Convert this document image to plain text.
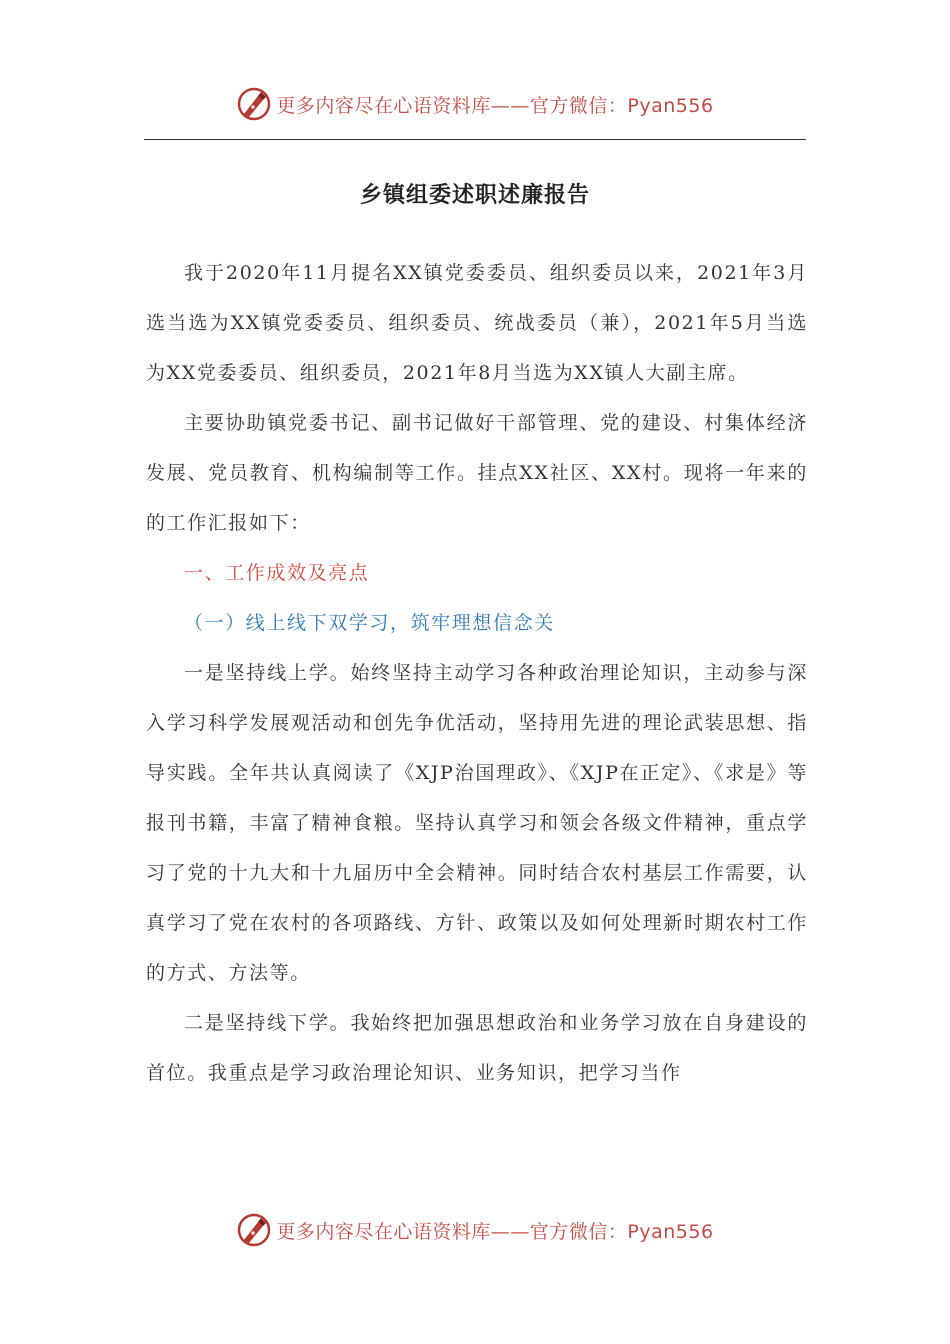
更多内容尽在心语资料库——官方微信：Pyan556
乡镇组委述职述廉报告

我于2020年11月提名XX镇党委委员、组织委员以来，2021年3月选当选为XX镇党委委员、组织委员、统战委员（兼），2021年5月当选为XX党委委员、组织委员，2021年8月当选为XX镇人大副主席。

主要协助镇党委书记、副书记做好干部管理、党的建设、村集体经济发展、党员教育、机构编制等工作。挂点XX社区、XX村。现将一年来的的工作汇报如下：

一、工作成效及亮点

（一）线上线下双学习，筑牢理想信念关

一是坚持线上学。始终坚持主动学习各种政治理论知识，主动参与深入学习科学发展观活动和创先争优活动，坚持用先进的理论武装思想、指导实践。全年共认真阅读了《XJP治国理政》、《XJP在正定》、《求是》等报刊书籍，丰富了精神食粮。坚持认真学习和领会各级文件精神，重点学习了党的十九大和十九届历中全会精神。同时结合农村基层工作需要，认真学习了党在农村的各项路线、方针、政策以及如何处理新时期农村工作的方式、方法等。

二是坚持线下学。我始终把加强思想政治和业务学习放在自身建设的首位。我重点是学习政治理论知识、业务知识，把学习当作

更多内容尽在心语资料库——官方微信：Pyan556
